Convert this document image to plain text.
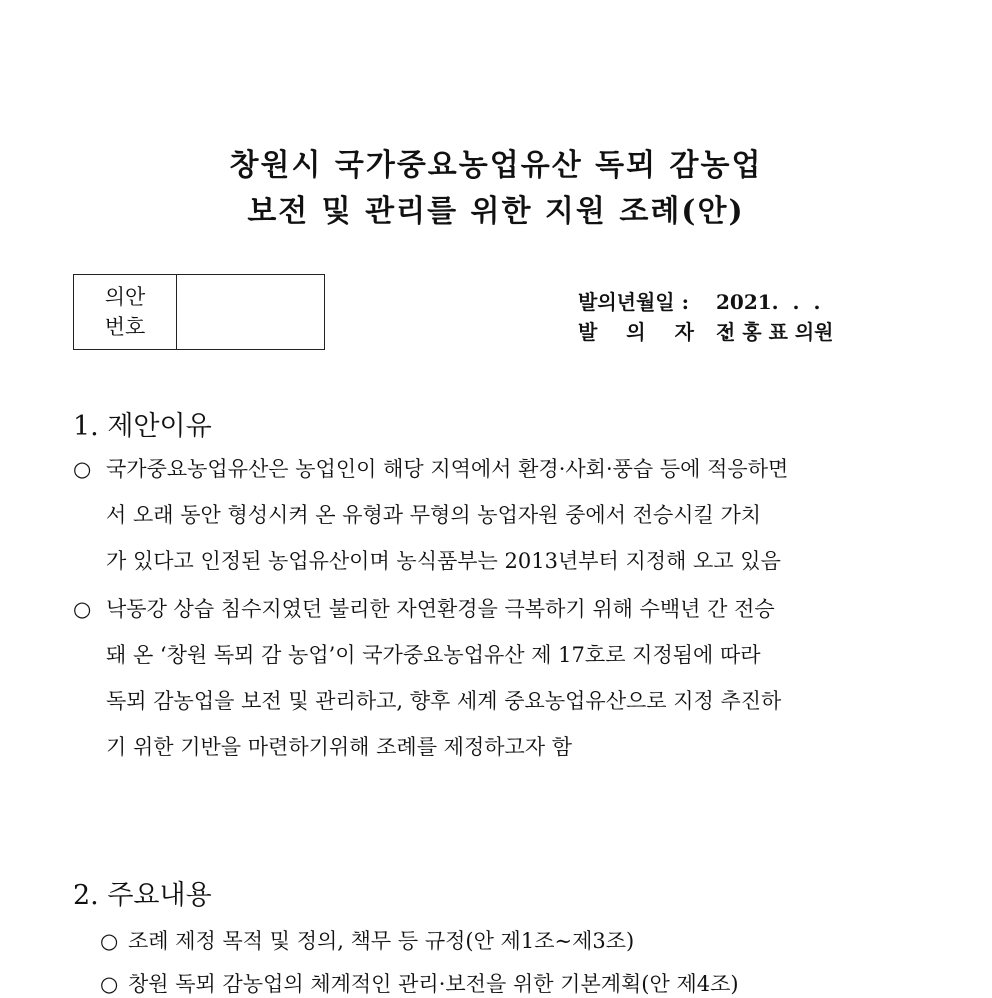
창원시 국가중요농업유산 독뫼 감농업
보전 및 관리를 위한 지원 조례(안)
의안
번호
발의년월일 : 2021.  .  .
발 의 자 :전 홍 표 의원
1. 제안이유
○ 국가중요농업유산은 농업인이 해당 지역에서 환경·사회·풍습 등에 적응하면
서 오래 동안 형성시켜 온 유형과 무형의 농업자원 중에서 전승시킬 가치
가 있다고 인정된 농업유산이며 농식품부는 2013년부터 지정해 오고 있음
○ 낙동강 상습 침수지였던 불리한 자연환경을 극복하기 위해 수백년 간 전승
돼 온 ‘창원 독뫼 감 농업’이 국가중요농업유산 제 17호로 지정됨에 따라
독뫼 감농업을 보전 및 관리하고, 향후 세계 중요농업유산으로 지정 추진하
기 위한 기반을 마련하기위해 조례를 제정하고자 함
2. 주요내용
○ 조례 제정 목적 및 정의, 책무 등 규정(안 제1조∼제3조)
○ 창원 독뫼 감농업의 체계적인 관리·보전을 위한 기본계획(안 제4조)
